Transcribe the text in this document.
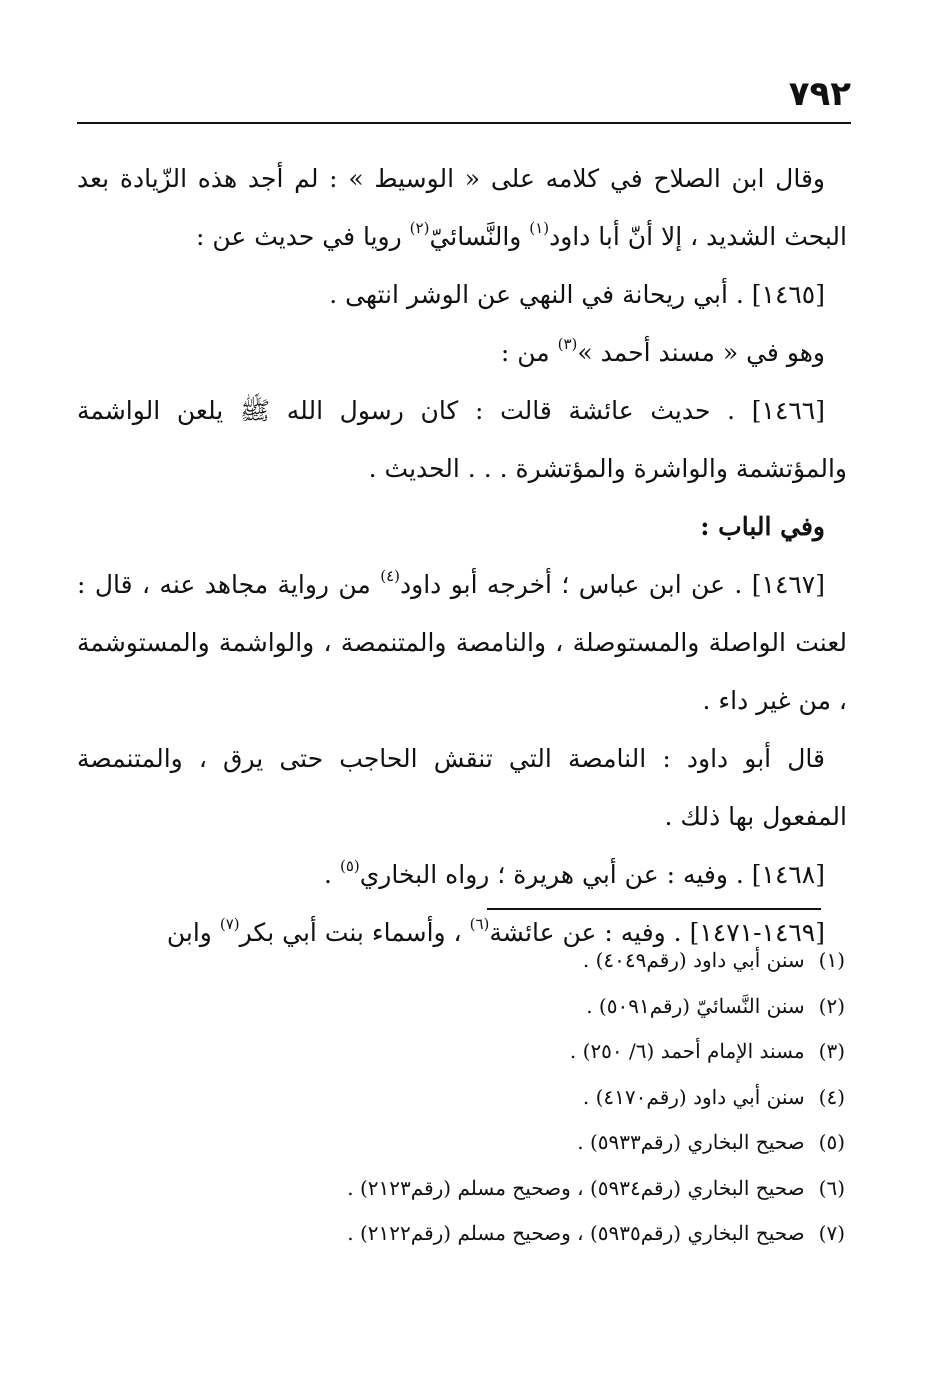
٧٩٢

وقال ابن الصلاح في كلامه على « الوسيط » : لم أجد هذه الزّيادة بعد البحث الشديد ، إلا أنّ أبا داود$^{(١)}$ والنَّسائيّ$^{(٢)}$ رويا في حديث عن :

[١٤٦٥] . أبي ريحانة في النهي عن الوشر انتهى .

وهو في « مسند أحمد »$^{(٣)}$ من :

[١٤٦٦] . حديث عائشة قالت : كان رسول الله ﷺ يلعن الواشمة والمؤتشمة والواشرة والمؤتشرة . . . الحديث .

وفي الباب :

[١٤٦٧] . عن ابن عباس ؛ أخرجه أبو داود$^{(٤)}$ من رواية مجاهد عنه ، قال : لعنت الواصلة والمستوصلة ، والنامصة والمتنمصة ، والواشمة والمستوشمة ، من غير داء .

قال أبو داود : النامصة التي تنقش الحاجب حتى يرق ، والمتنمصة المفعول بها ذلك .

[١٤٦٨] . وفيه : عن أبي هريرة ؛ رواه البخاري$^{(٥)}$ .

[١٤٦٩-١٤٧١] . وفيه : عن عائشة$^{(٦)}$ ، وأسماء بنت أبي بكر$^{(٧)}$ وابن

(١) سنن أبي داود (رقم٤٠٤٩) .
(٢) سنن النَّسائيّ (رقم٥٠٩١) .
(٣) مسند الإمام أحمد (٦/ ٢٥٠) .
(٤) سنن أبي داود (رقم٤١٧٠) .
(٥) صحيح البخاري (رقم٥٩٣٣) .
(٦) صحيح البخاري (رقم٥٩٣٤) ، وصحيح مسلم (رقم٢١٢٣) .
(٧) صحيح البخاري (رقم٥٩٣٥) ، وصحيح مسلم (رقم٢١٢٢) .
